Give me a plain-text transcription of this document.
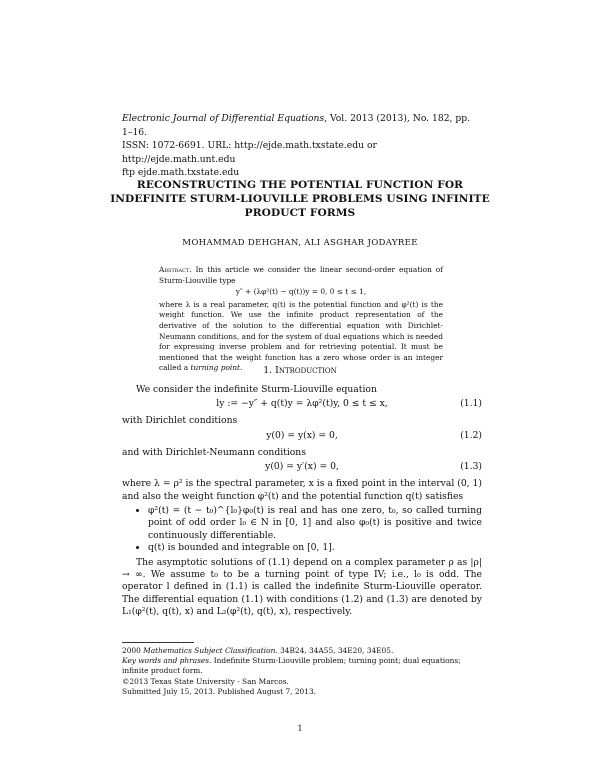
Electronic Journal of Differential Equations, Vol. 2013 (2013), No. 182, pp. 1–16.
ISSN: 1072-6691. URL: http://ejde.math.txstate.edu or http://ejde.math.unt.edu
ftp ejde.math.txstate.edu
RECONSTRUCTING THE POTENTIAL FUNCTION FOR
INDEFINITE STURM-LIOUVILLE PROBLEMS USING INFINITE
PRODUCT FORMS
MOHAMMAD DEHGHAN, ALI ASGHAR JODAYREE
Abstract. In this article we consider the linear second-order equation of Sturm-Liouville type
y″ + (λφ²(t) − q(t))y = 0, 0 ≤ t ≤ 1,
where λ is a real parameter, q(t) is the potential function and φ²(t) is the weight function. We use the infinite product representation of the derivative of the solution to the differential equation with Dirichlet-Neumann conditions, and for the system of dual equations which is needed for expressing inverse problem and for retrieving potential. It must be mentioned that the weight function has a zero whose order is an integer called a turning point.	1. Introduction

We consider the indefinite Sturm-Liouville equation

ly := −y″ + q(t)y = λφ²(t)y, 0 ≤ t ≤ x,	(1.1)

with Dirichlet conditions

y(0) = y(x) = 0,	(1.2)

and with Dirichlet-Neumann conditions

y(0) = y′(x) = 0,	(1.3)

where λ = ρ² is the spectral parameter, x is a fixed point in the interval (0, 1) and also the weight function φ²(t) and the potential function q(t) satisfies

• φ²(t) = (t − t₀)^{l₀}φ₀(t) is real and has one zero, t₀, so called turning point of odd order l₀ ∈ N in [0, 1] and also φ₀(t) is positive and twice continuously differentiable.
• q(t) is bounded and integrable on [0, 1].

The asymptotic solutions of (1.1) depend on a complex parameter ρ as |ρ| → ∞. We assume t₀ to be a turning point of type IV; i.e., l₀ is odd. The operator l defined in (1.1) is called the indefinite Sturm-Liouville operator. The differential equation (1.1) with conditions (1.2) and (1.3) are denoted by L₁(φ²(t), q(t), x) and L₂(φ²(t), q(t), x), respectively.

2000 Mathematics Subject Classification. 34B24, 34A55, 34E20, 34E05.
Key words and phrases. Indefinite Sturm-Liouville problem; turning point; dual equations; infinite product form.
©2013 Texas State University - San Marcos.
Submitted July 15, 2013. Published August 7, 2013.
1
